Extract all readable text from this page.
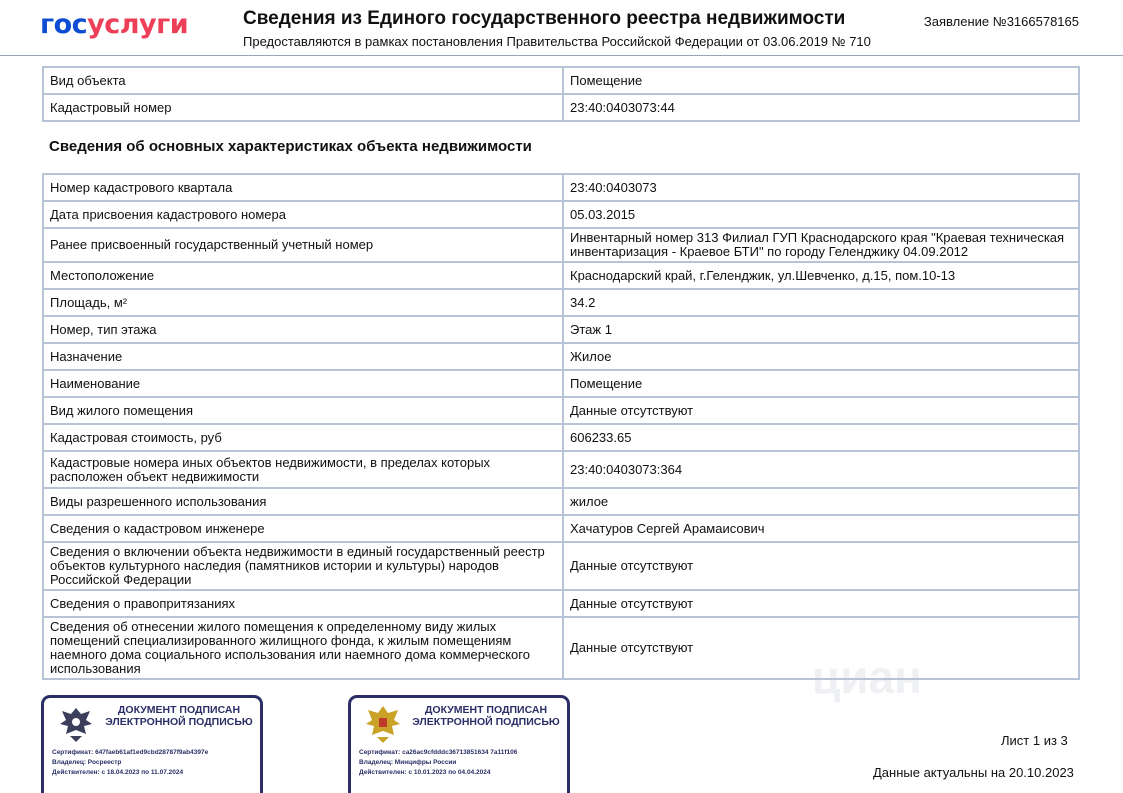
госуслуги	Сведения из Единого государственного реестра недвижимости
Предоставляются в рамках постановления Правительства Российской Федерации от 03.06.2019 № 710
Заявление №3166578165
циан
Вид объекта	Помещение
Кадастровый номер	23:40:0403073:44
Сведения об основных характеристиках объекта недвижимости
Номер кадастрового квартала	23:40:0403073
Дата присвоения кадастрового номера	05.03.2015
Ранее присвоенный государственный учетный номер	Инвентарный номер 313 Филиал ГУП Краснодарского края "Краевая техническая инвентаризация - Краевое БТИ" по городу Геленджику 04.09.2012
Местоположение	Краснодарский край, г.Геленджик, ул.Шевченко, д.15, пом.10-13
Площадь, м²	34.2
Номер, тип этажа	Этаж 1
Назначение	Жилое
Наименование	Помещение
Вид жилого помещения	Данные отсутствуют
Кадастровая стоимость, руб	606233.65
Кадастровые номера иных объектов недвижимости, в пределах которых расположен объект недвижимости	23:40:0403073:364
Виды разрешенного использования	жилое
Сведения о кадастровом инженере	Хачатуров Сергей Арамаисович
Сведения о включении объекта недвижимости в единый государственный реестр объектов культурного наследия (памятников истории и культуры) народов Российской Федерации	Данные отсутствуют
Сведения о правопритязаниях	Данные отсутствуют
Сведения об отнесении жилого помещения к определенному виду жилых помещений специализированного жилищного фонда, к жилым помещениям наемного дома социального использования или наемного дома коммерческого использования	Данные отсутствуют
ДОКУМЕНТ ПОДПИСАН ЭЛЕКТРОННОЙ ПОДПИСЬЮ
Сертификат: 647faeb61af1ed9cbd28787f9ab4397e
Владелец: Росреестр
Действителен: с 18.04.2023 по 11.07.2024
ДОКУМЕНТ ПОДПИСАН ЭЛЕКТРОННОЙ ПОДПИСЬЮ
Сертификат: ca26ac9cfdddc36713851634 7a11f106
Владелец: Минцифры России
Действителен: с 10.01.2023 по 04.04.2024
Лист 1 из 3
Данные актуальны на 20.10.2023
